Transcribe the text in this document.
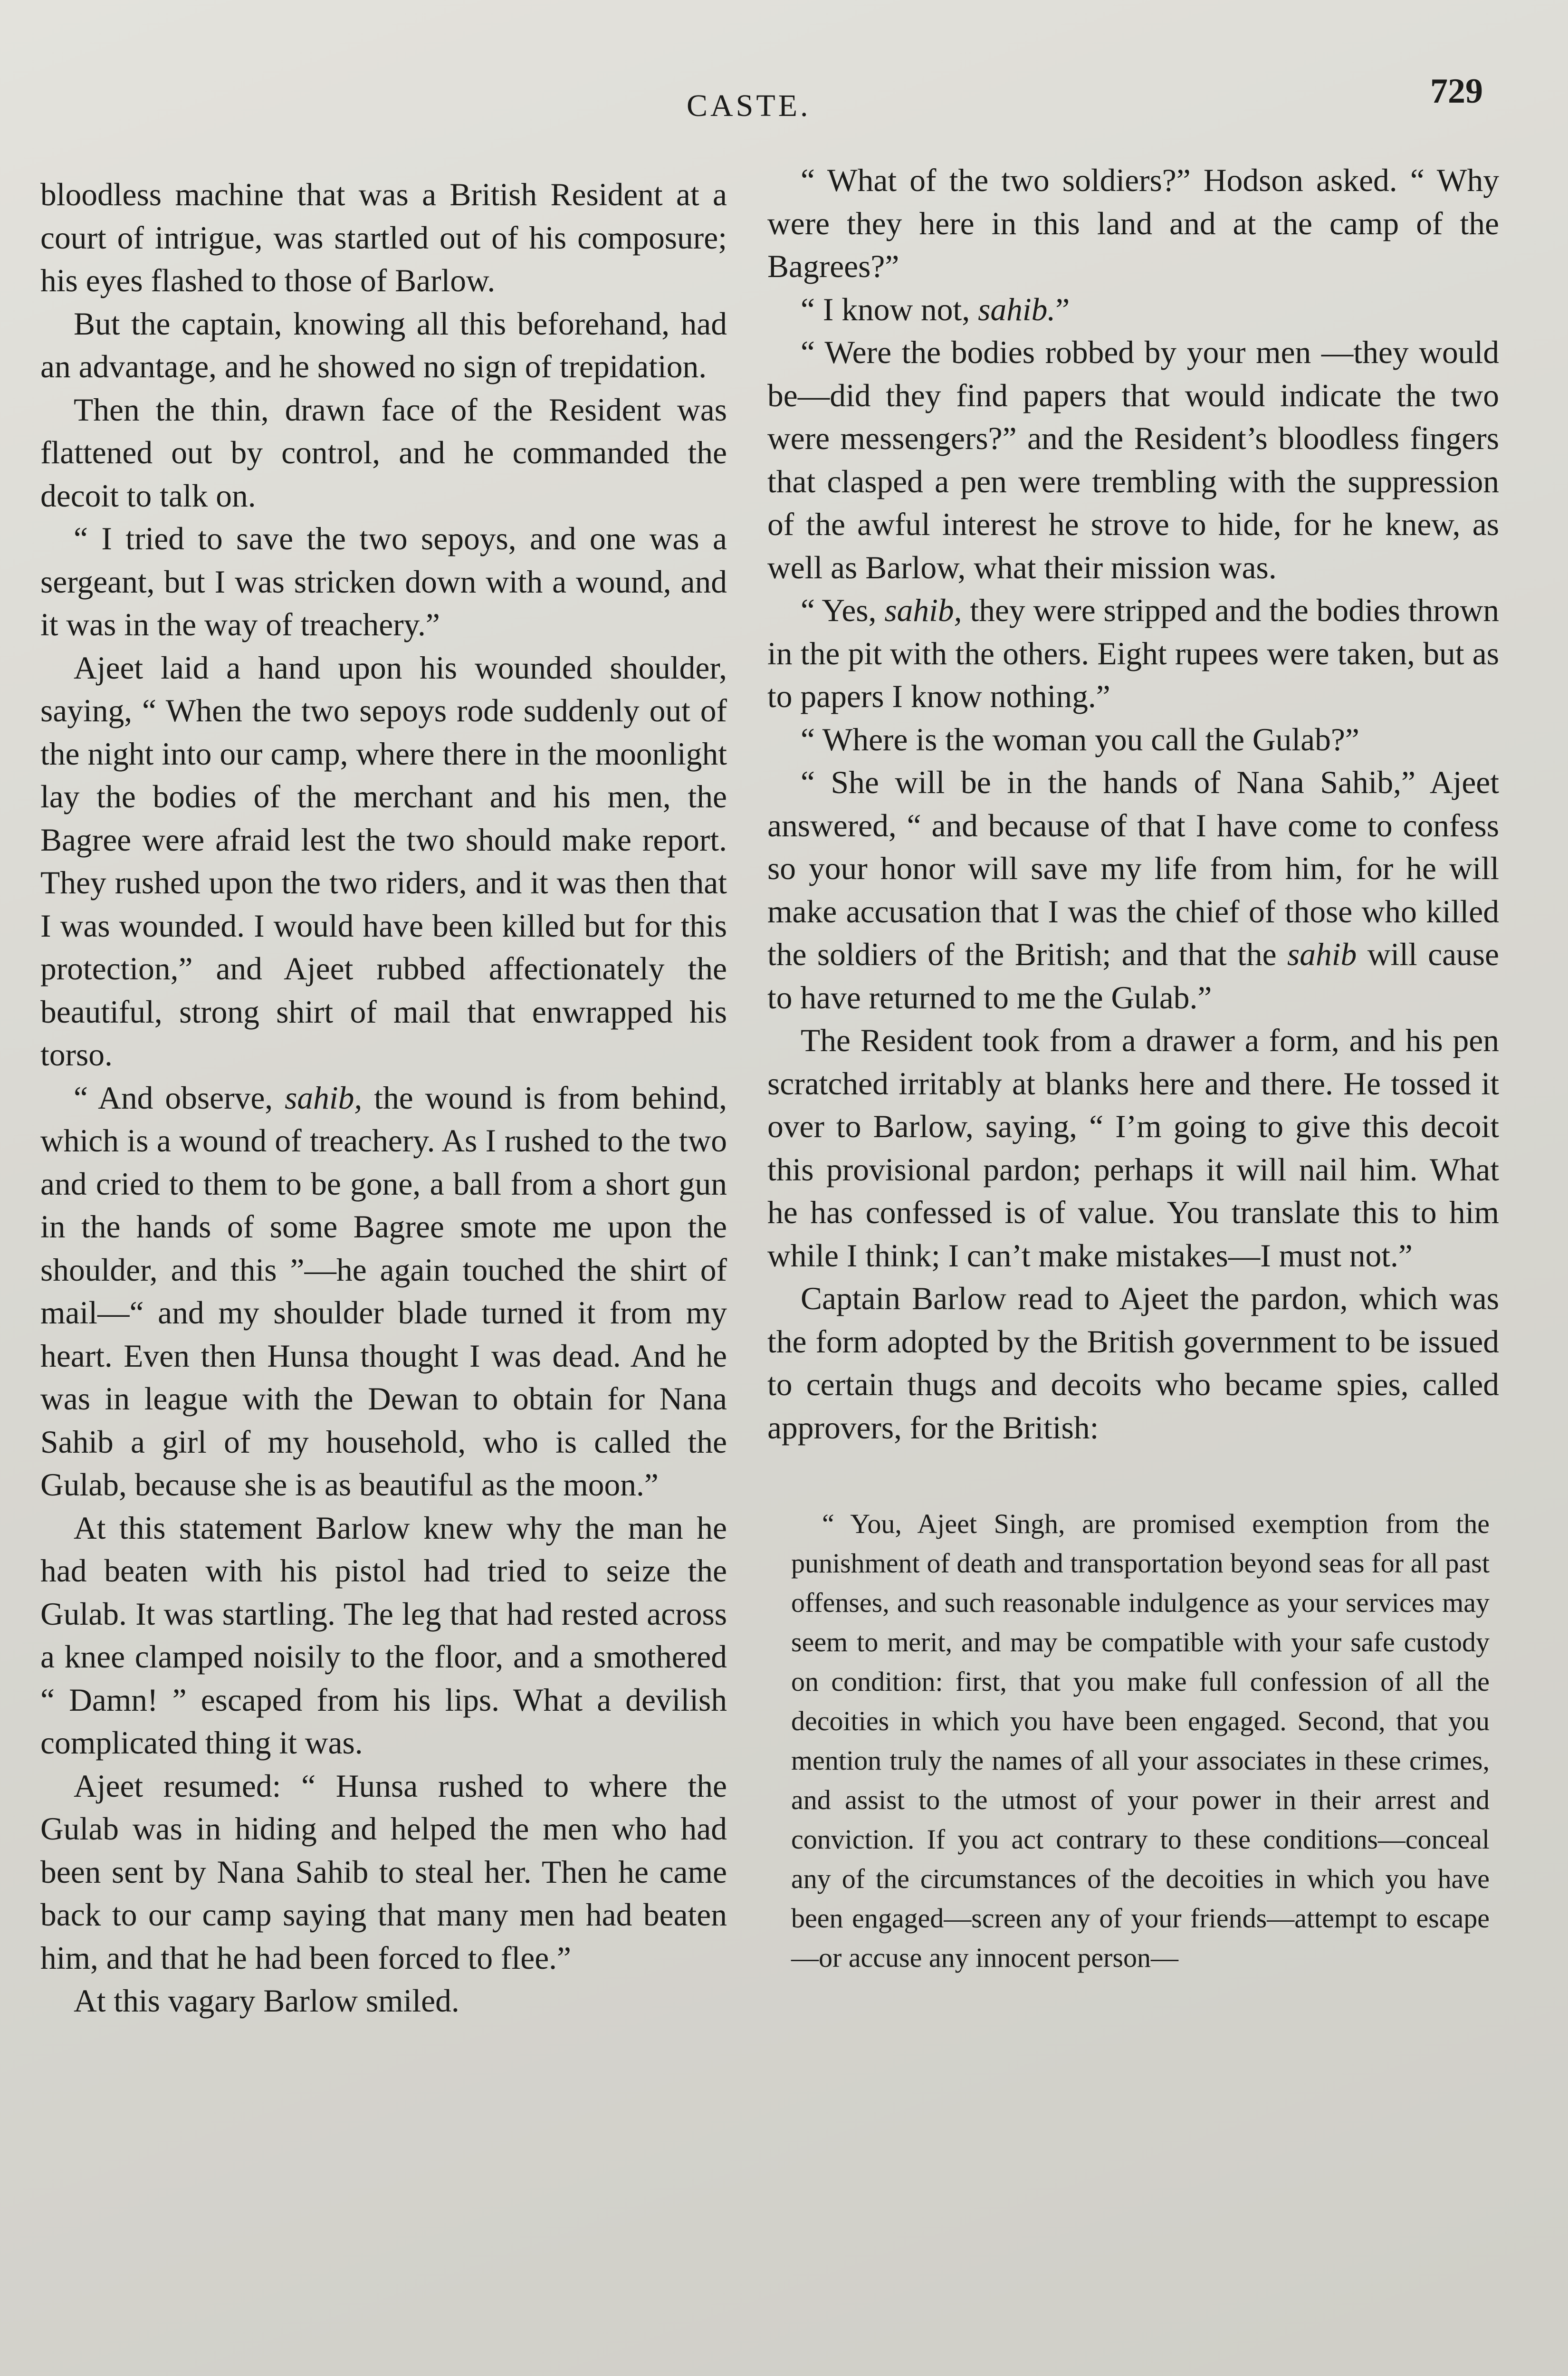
CASTE.	729

bloodless machine that was a British Resident at a court of intrigue, was startled out of his composure; his eyes flashed to those of Barlow.

But the captain, knowing all this beforehand, had an advantage, and he showed no sign of trepidation.

Then the thin, drawn face of the Resident was flattened out by control, and he commanded the decoit to talk on.

“ I tried to save the two sepoys, and one was a sergeant, but I was stricken down with a wound, and it was in the way of treachery.”

Ajeet laid a hand upon his wounded shoulder, saying, “ When the two sepoys rode suddenly out of the night into our camp, where there in the moonlight lay the bodies of the merchant and his men, the Bagree were afraid lest the two should make report. They rushed upon the two riders, and it was then that I was wounded. I would have been killed but for this protection,” and Ajeet rubbed affectionately the beautiful, strong shirt of mail that enwrapped his torso.

“ And observe, sahib, the wound is from behind, which is a wound of treachery. As I rushed to the two and cried to them to be gone, a ball from a short gun in the hands of some Bagree smote me upon the shoulder, and this ”—he again touched the shirt of mail—“ and my shoulder blade turned it from my heart. Even then Hunsa thought I was dead. And he was in league with the Dewan to obtain for Nana Sahib a girl of my household, who is called the Gulab, because she is as beautiful as the moon.”

At this statement Barlow knew why the man he had beaten with his pistol had tried to seize the Gulab. It was startling. The leg that had rested across a knee clamped noisily to the floor, and a smothered “ Damn! ” escaped from his lips. What a devilish complicated thing it was.

Ajeet resumed: “ Hunsa rushed to where the Gulab was in hiding and helped the men who had been sent by Nana Sahib to steal her. Then he came back to our camp saying that many men had beaten him, and that he had been forced to flee.”

At this vagary Barlow smiled.

“ What of the two soldiers?” Hodson asked. “ Why were they here in this land and at the camp of the Bagrees?”

“ I know not, sahib.”

“ Were the bodies robbed by your men —they would be—did they find papers that would indicate the two were messengers?” and the Resident’s bloodless fingers that clasped a pen were trembling with the suppression of the awful interest he strove to hide, for he knew, as well as Barlow, what their mission was.

“ Yes, sahib, they were stripped and the bodies thrown in the pit with the others. Eight rupees were taken, but as to papers I know nothing.”

“ Where is the woman you call the Gulab?”

“ She will be in the hands of Nana Sahib,” Ajeet answered, “ and because of that I have come to confess so your honor will save my life from him, for he will make accusation that I was the chief of those who killed the soldiers of the British; and that the sahib will cause to have returned to me the Gulab.”

The Resident took from a drawer a form, and his pen scratched irritably at blanks here and there. He tossed it over to Barlow, saying, “ I’m going to give this decoit this provisional pardon; perhaps it will nail him. What he has confessed is of value. You translate this to him while I think; I can’t make mistakes—I must not.”

Captain Barlow read to Ajeet the pardon, which was the form adopted by the British government to be issued to certain thugs and decoits who became spies, called approvers, for the British:

“ You, Ajeet Singh, are promised exemption from the punishment of death and transportation beyond seas for all past offenses, and such reasonable indulgence as your services may seem to merit, and may be compatible with your safe custody on condition: first, that you make full confession of all the decoities in which you have been engaged. Second, that you mention truly the names of all your associates in these crimes, and assist to the utmost of your power in their arrest and conviction. If you act contrary to these conditions—conceal any of the circumstances of the decoities in which you have been engaged—screen any of your friends—attempt to escape—or accuse any innocent person—
